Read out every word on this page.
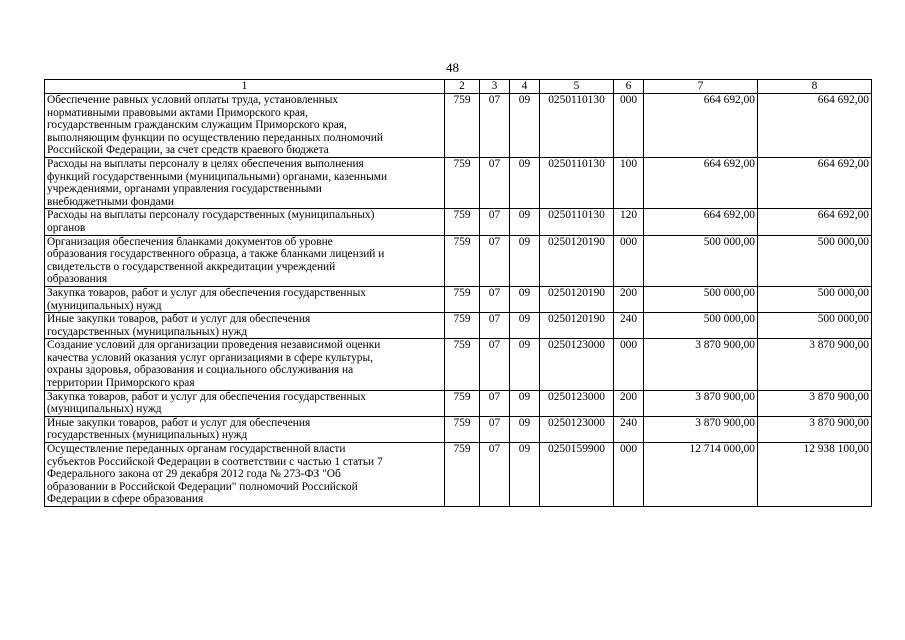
48
1	2	3	4	5	6	7	8

Обеспечение равных условий оплаты труда, установленных
нормативными правовыми актами Приморского края,
государственным гражданским служащим Приморского края,
выполняющим функции по осуществлению переданных полномочий
Российской Федерации, за счет средств краевого бюджета	759	07	09	0250110130	000	664 692,00	664 692,00

Расходы на выплаты персоналу в целях обеспечения выполнения
функций государственными (муниципальными) органами, казенными
учреждениями, органами управления государственными
внебюджетными фондами	759	07	09	0250110130	100	664 692,00	664 692,00

Расходы на выплаты персоналу государственных (муниципальных)
органов	759	07	09	0250110130	120	664 692,00	664 692,00

Организация обеспечения бланками документов об уровне
образования государственного образца, а также бланками лицензий и
свидетельств о государственной аккредитации учреждений
образования	759	07	09	0250120190	000	500 000,00	500 000,00

Закупка товаров, работ и услуг для обеспечения государственных
(муниципальных) нужд	759	07	09	0250120190	200	500 000,00	500 000,00

Иные закупки товаров, работ и услуг для обеспечения
государственных (муниципальных) нужд	759	07	09	0250120190	240	500 000,00	500 000,00

Создание условий для организации проведения независимой оценки
качества условий оказания услуг организациями в сфере культуры,
охраны здоровья, образования и социального обслуживания на
территории Приморского края	759	07	09	0250123000	000	3 870 900,00	3 870 900,00

Закупка товаров, работ и услуг для обеспечения государственных
(муниципальных) нужд	759	07	09	0250123000	200	3 870 900,00	3 870 900,00

Иные закупки товаров, работ и услуг для обеспечения
государственных (муниципальных) нужд	759	07	09	0250123000	240	3 870 900,00	3 870 900,00

Осуществление переданных органам государственной власти
субъектов Российской Федерации в соответствии с частью 1 статьи 7
Федерального закона от 29 декабря 2012 года № 273-ФЗ "Об
образовании в Российской Федерации" полномочий Российской
Федерации в сфере образования	759	07	09	0250159900	000	12 714 000,00	12 938 100,00
